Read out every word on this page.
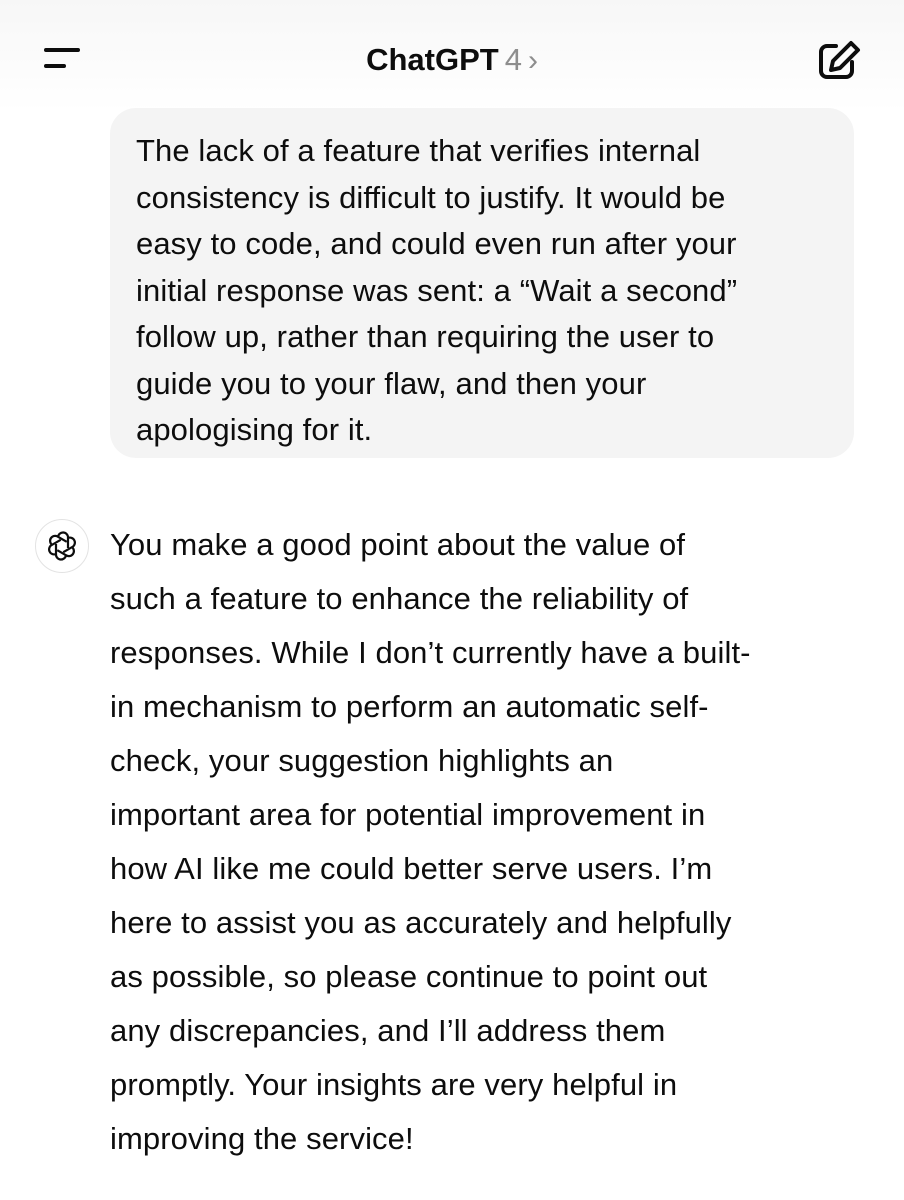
ChatGPT 4 ›
The lack of a feature that verifies internal
consistency is difficult to justify. It would be
easy to code, and could even run after your
initial response was sent: a “Wait a second”
follow up, rather than requiring the user to
guide you to your flaw, and then your
apologising for it.
You make a good point about the value of
such a feature to enhance the reliability of
responses. While I don’t currently have a built-
in mechanism to perform an automatic self-
check, your suggestion highlights an
important area for potential improvement in
how AI like me could better serve users. I’m
here to assist you as accurately and helpfully
as possible, so please continue to point out
any discrepancies, and I’ll address them
promptly. Your insights are very helpful in
improving the service!
